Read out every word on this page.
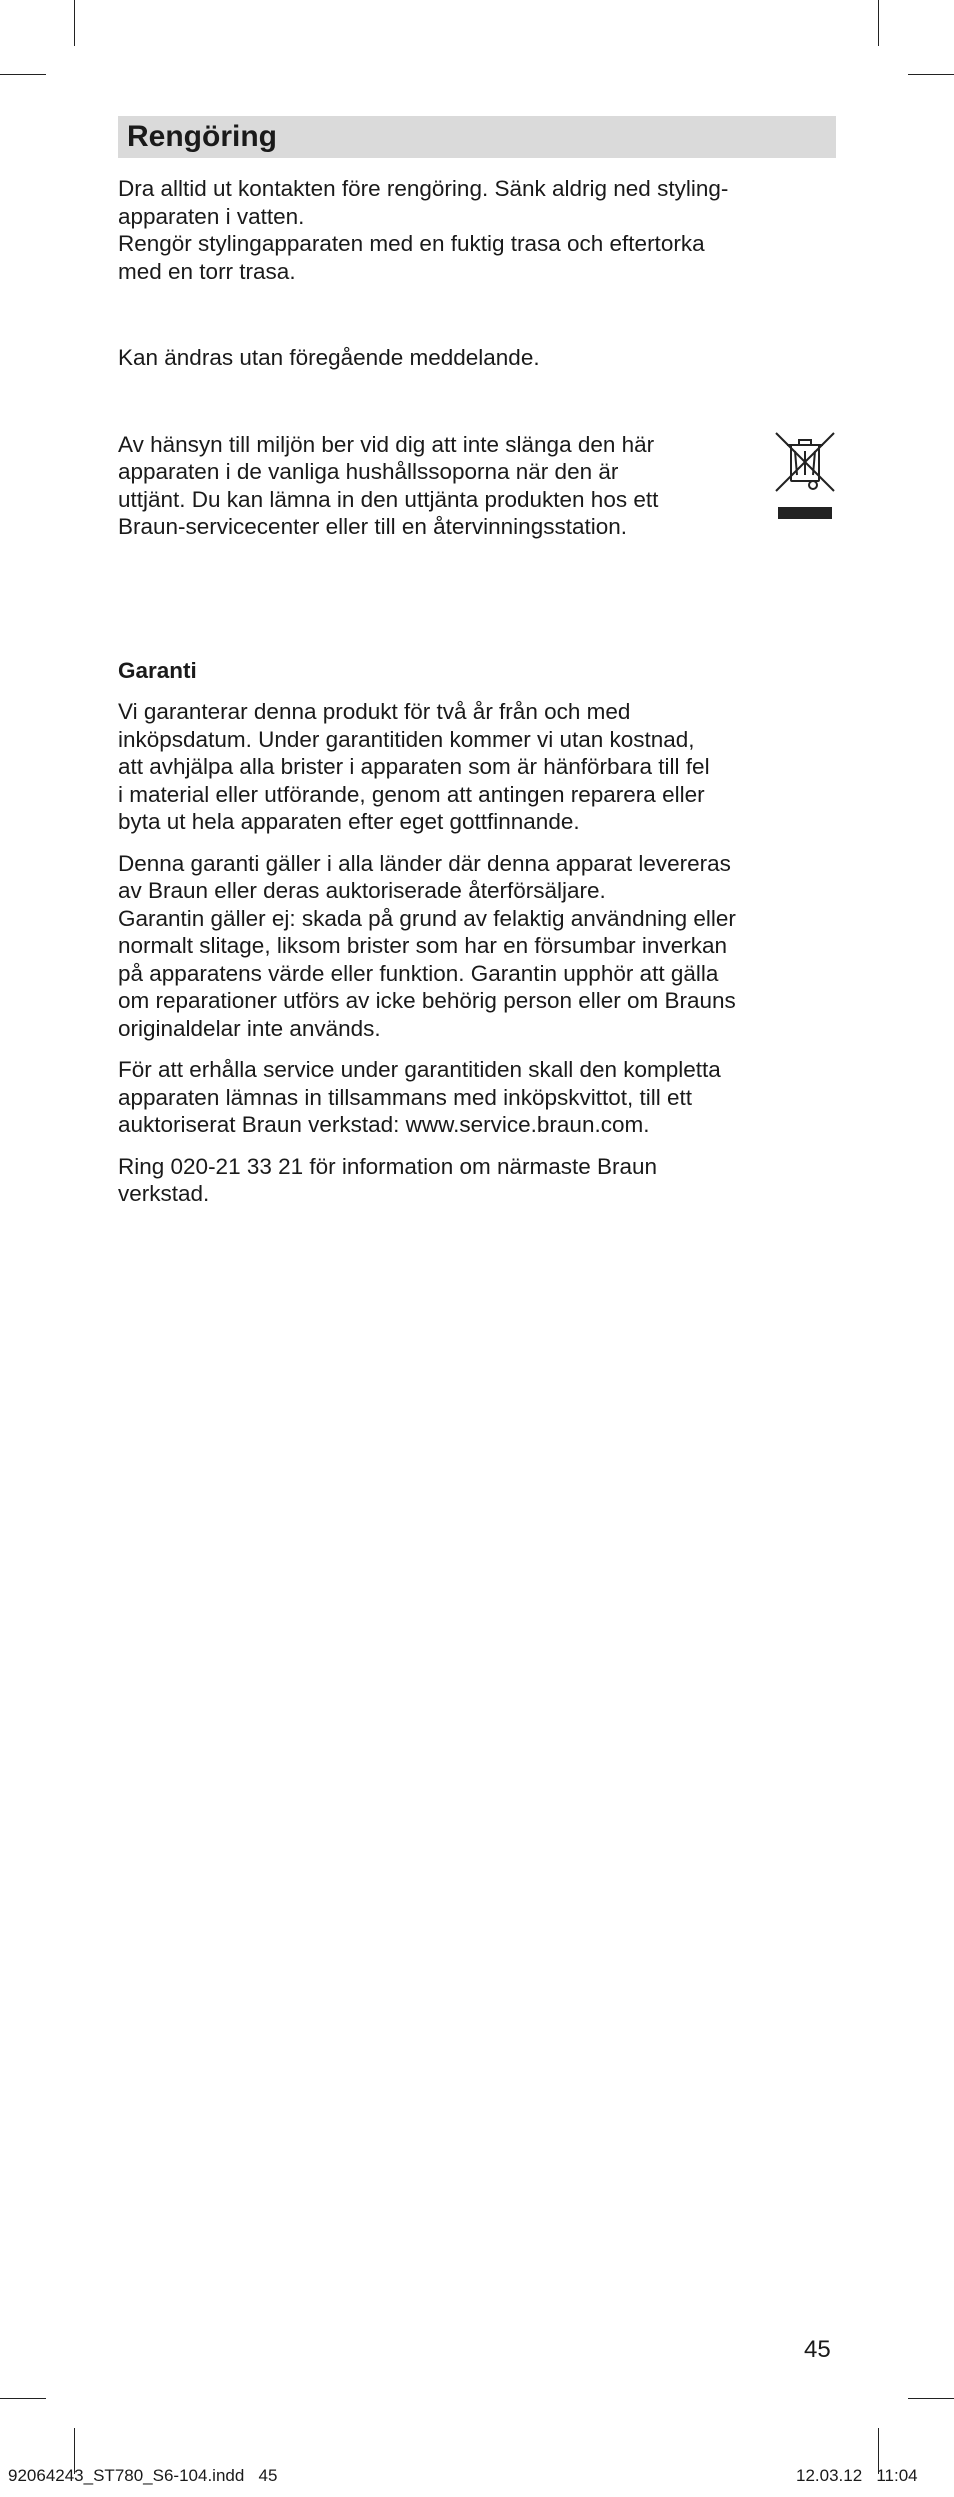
Rengöring

Dra alltid ut kontakten före rengöring. Sänk aldrig ned styling-
apparaten i vatten.
Rengör stylingapparaten med en fuktig trasa och eftertorka
med en torr trasa.

Kan ändras utan föregående meddelande.

Av hänsyn till miljön ber vid dig att inte slänga den här
apparaten i de vanliga hushållssoporna när den är
uttjänt. Du kan lämna in den uttjänta produkten hos ett
Braun-servicecenter eller till en återvinningsstation.

Garanti

Vi garanterar denna produkt för två år från och med
inköpsdatum. Under garantitiden kommer vi utan kostnad,
att avhjälpa alla brister i apparaten som är hänförbara till fel
i material eller utförande, genom att antingen reparera eller
byta ut hela apparaten efter eget gottfinnande.

Denna garanti gäller i alla länder där denna apparat levereras
av Braun eller deras auktoriserade återförsäljare.
Garantin gäller ej: skada på grund av felaktig användning eller
normalt slitage, liksom brister som har en försumbar inverkan
på apparatens värde eller funktion. Garantin upphör att gälla
om reparationer utförs av icke behörig person eller om Brauns
originaldelar inte används.

För att erhålla service under garantitiden skall den kompletta
apparaten lämnas in tillsammans med inköpskvittot, till ett
auktoriserat Braun verkstad: www.service.braun.com.

Ring 020-21 33 21 för information om närmaste Braun
verkstad.

45
92064243_ST780_S6-104.indd   45	12.03.12   11:04
